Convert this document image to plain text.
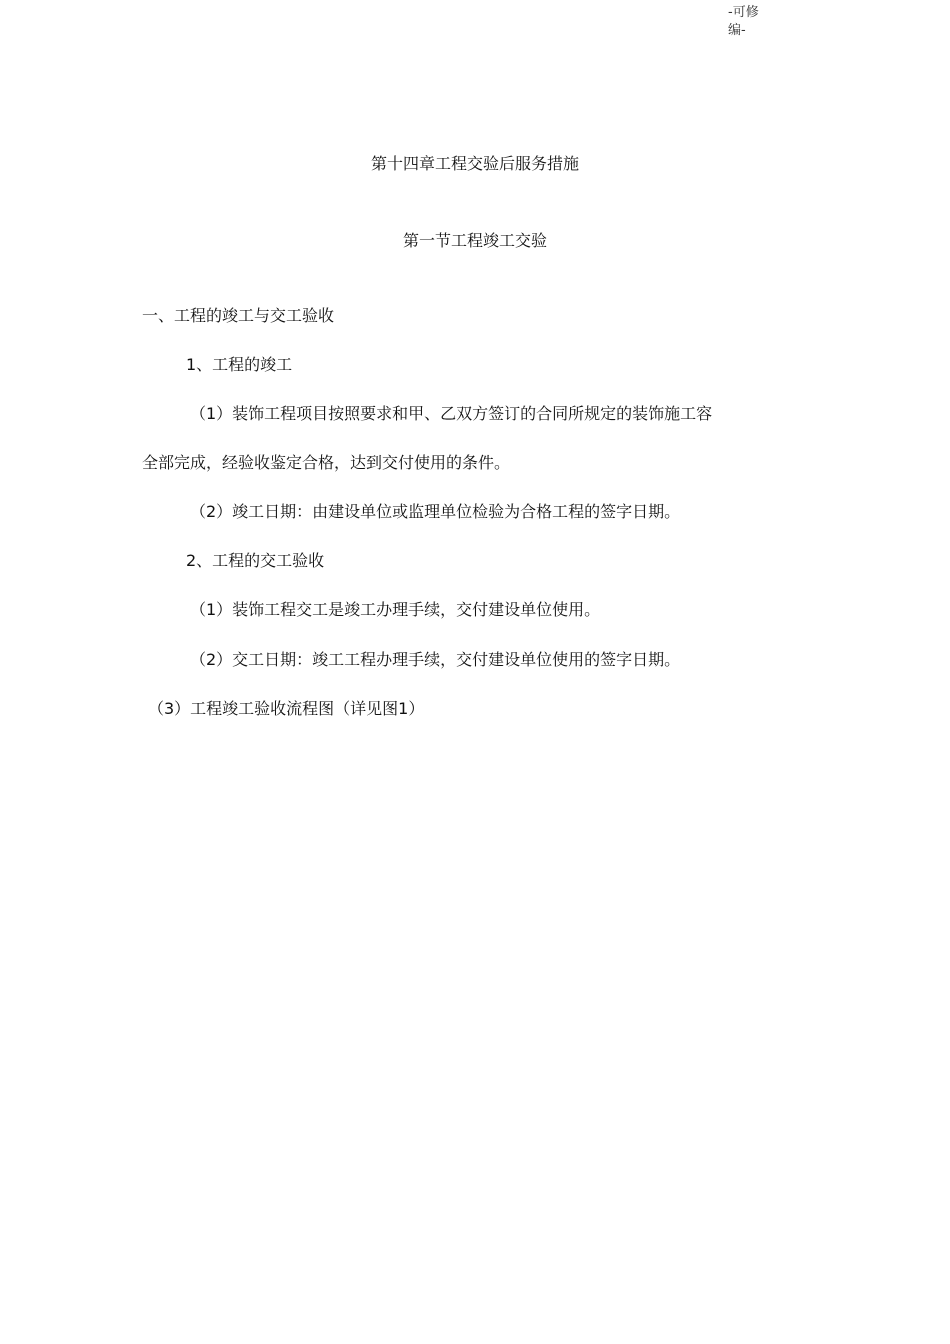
-可修编-
第十四章工程交验后服务措施
第一节工程竣工交验
一、工程的竣工与交工验收
1、工程的竣工
（1）装饰工程项目按照要求和甲、乙双方签订的合同所规定的装饰施工容
全部完成，经验收鉴定合格，达到交付使用的条件。
（2）竣工日期：由建设单位或监理单位检验为合格工程的签字日期。
2、工程的交工验收
（1）装饰工程交工是竣工办理手续，交付建设单位使用。
（2）交工日期：竣工工程办理手续，交付建设单位使用的签字日期。
（3）工程竣工验收流程图（详见图1）
